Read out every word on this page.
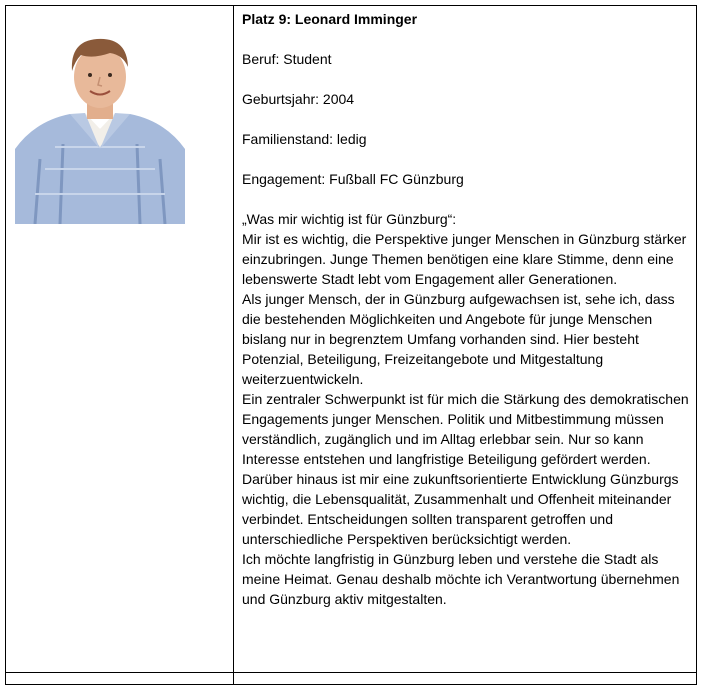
Platz 9: Leonard Imminger

Beruf: Student

Geburtsjahr: 2004

Familienstand: ledig

Engagement: Fußball FC Günzburg

„Was mir wichtig ist für Günzburg“:

Mir ist es wichtig, die Perspektive junger Menschen in Günzburg stärker einzubringen. Junge Themen benötigen eine klare Stimme, denn eine lebenswerte Stadt lebt vom Engagement aller Generationen.

Als junger Mensch, der in Günzburg aufgewachsen ist, sehe ich, dass die bestehenden Möglichkeiten und Angebote für junge Menschen bislang nur in begrenztem Umfang vorhanden sind. Hier besteht Potenzial, Beteiligung, Freizeitangebote und Mitgestaltung weiterzuentwickeln.

Ein zentraler Schwerpunkt ist für mich die Stärkung des demokratischen Engagements junger Menschen. Politik und Mitbestimmung müssen verständlich, zugänglich und im Alltag erlebbar sein. Nur so kann Interesse entstehen und langfristige Beteiligung gefördert werden.

Darüber hinaus ist mir eine zukunftsorientierte Entwicklung Günzburgs wichtig, die Lebensqualität, Zusammenhalt und Offenheit miteinander verbindet. Entscheidungen sollten transparent getroffen und unterschiedliche Perspektiven berücksichtigt werden.

Ich möchte langfristig in Günzburg leben und verstehe die Stadt als meine Heimat. Genau deshalb möchte ich Verantwortung übernehmen und Günzburg aktiv mitgestalten.
